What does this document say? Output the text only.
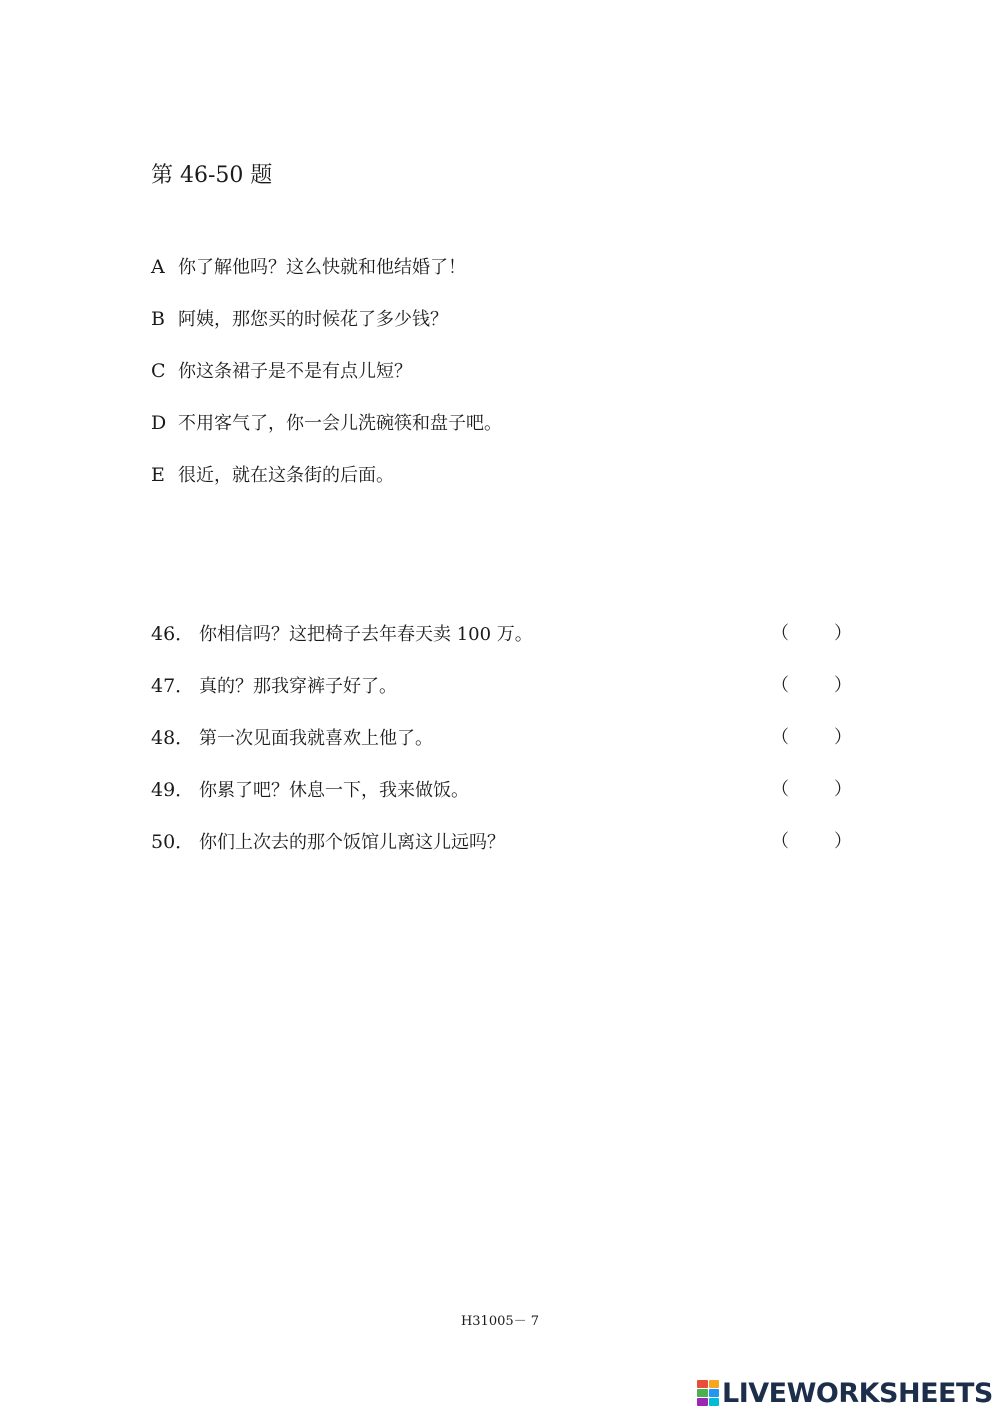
第 46-50 题
A 你了解他吗？这么快就和他结婚了！
B 阿姨，那您买的时候花了多少钱？
C 你这条裙子是不是有点儿短？
D 不用客气了，你一会儿洗碗筷和盘子吧。
E 很近，就在这条街的后面。
46． 你相信吗？这把椅子去年春天卖 100 万。	（	）
47． 真的？那我穿裤子好了。	（	）
48． 第一次见面我就喜欢上他了。	（	）
49． 你累了吧？休息一下，我来做饭。	（	）
50． 你们上次去的那个饭馆儿离这儿远吗？	（	）
H31005－ 7
LIVEWORKSHEETS
